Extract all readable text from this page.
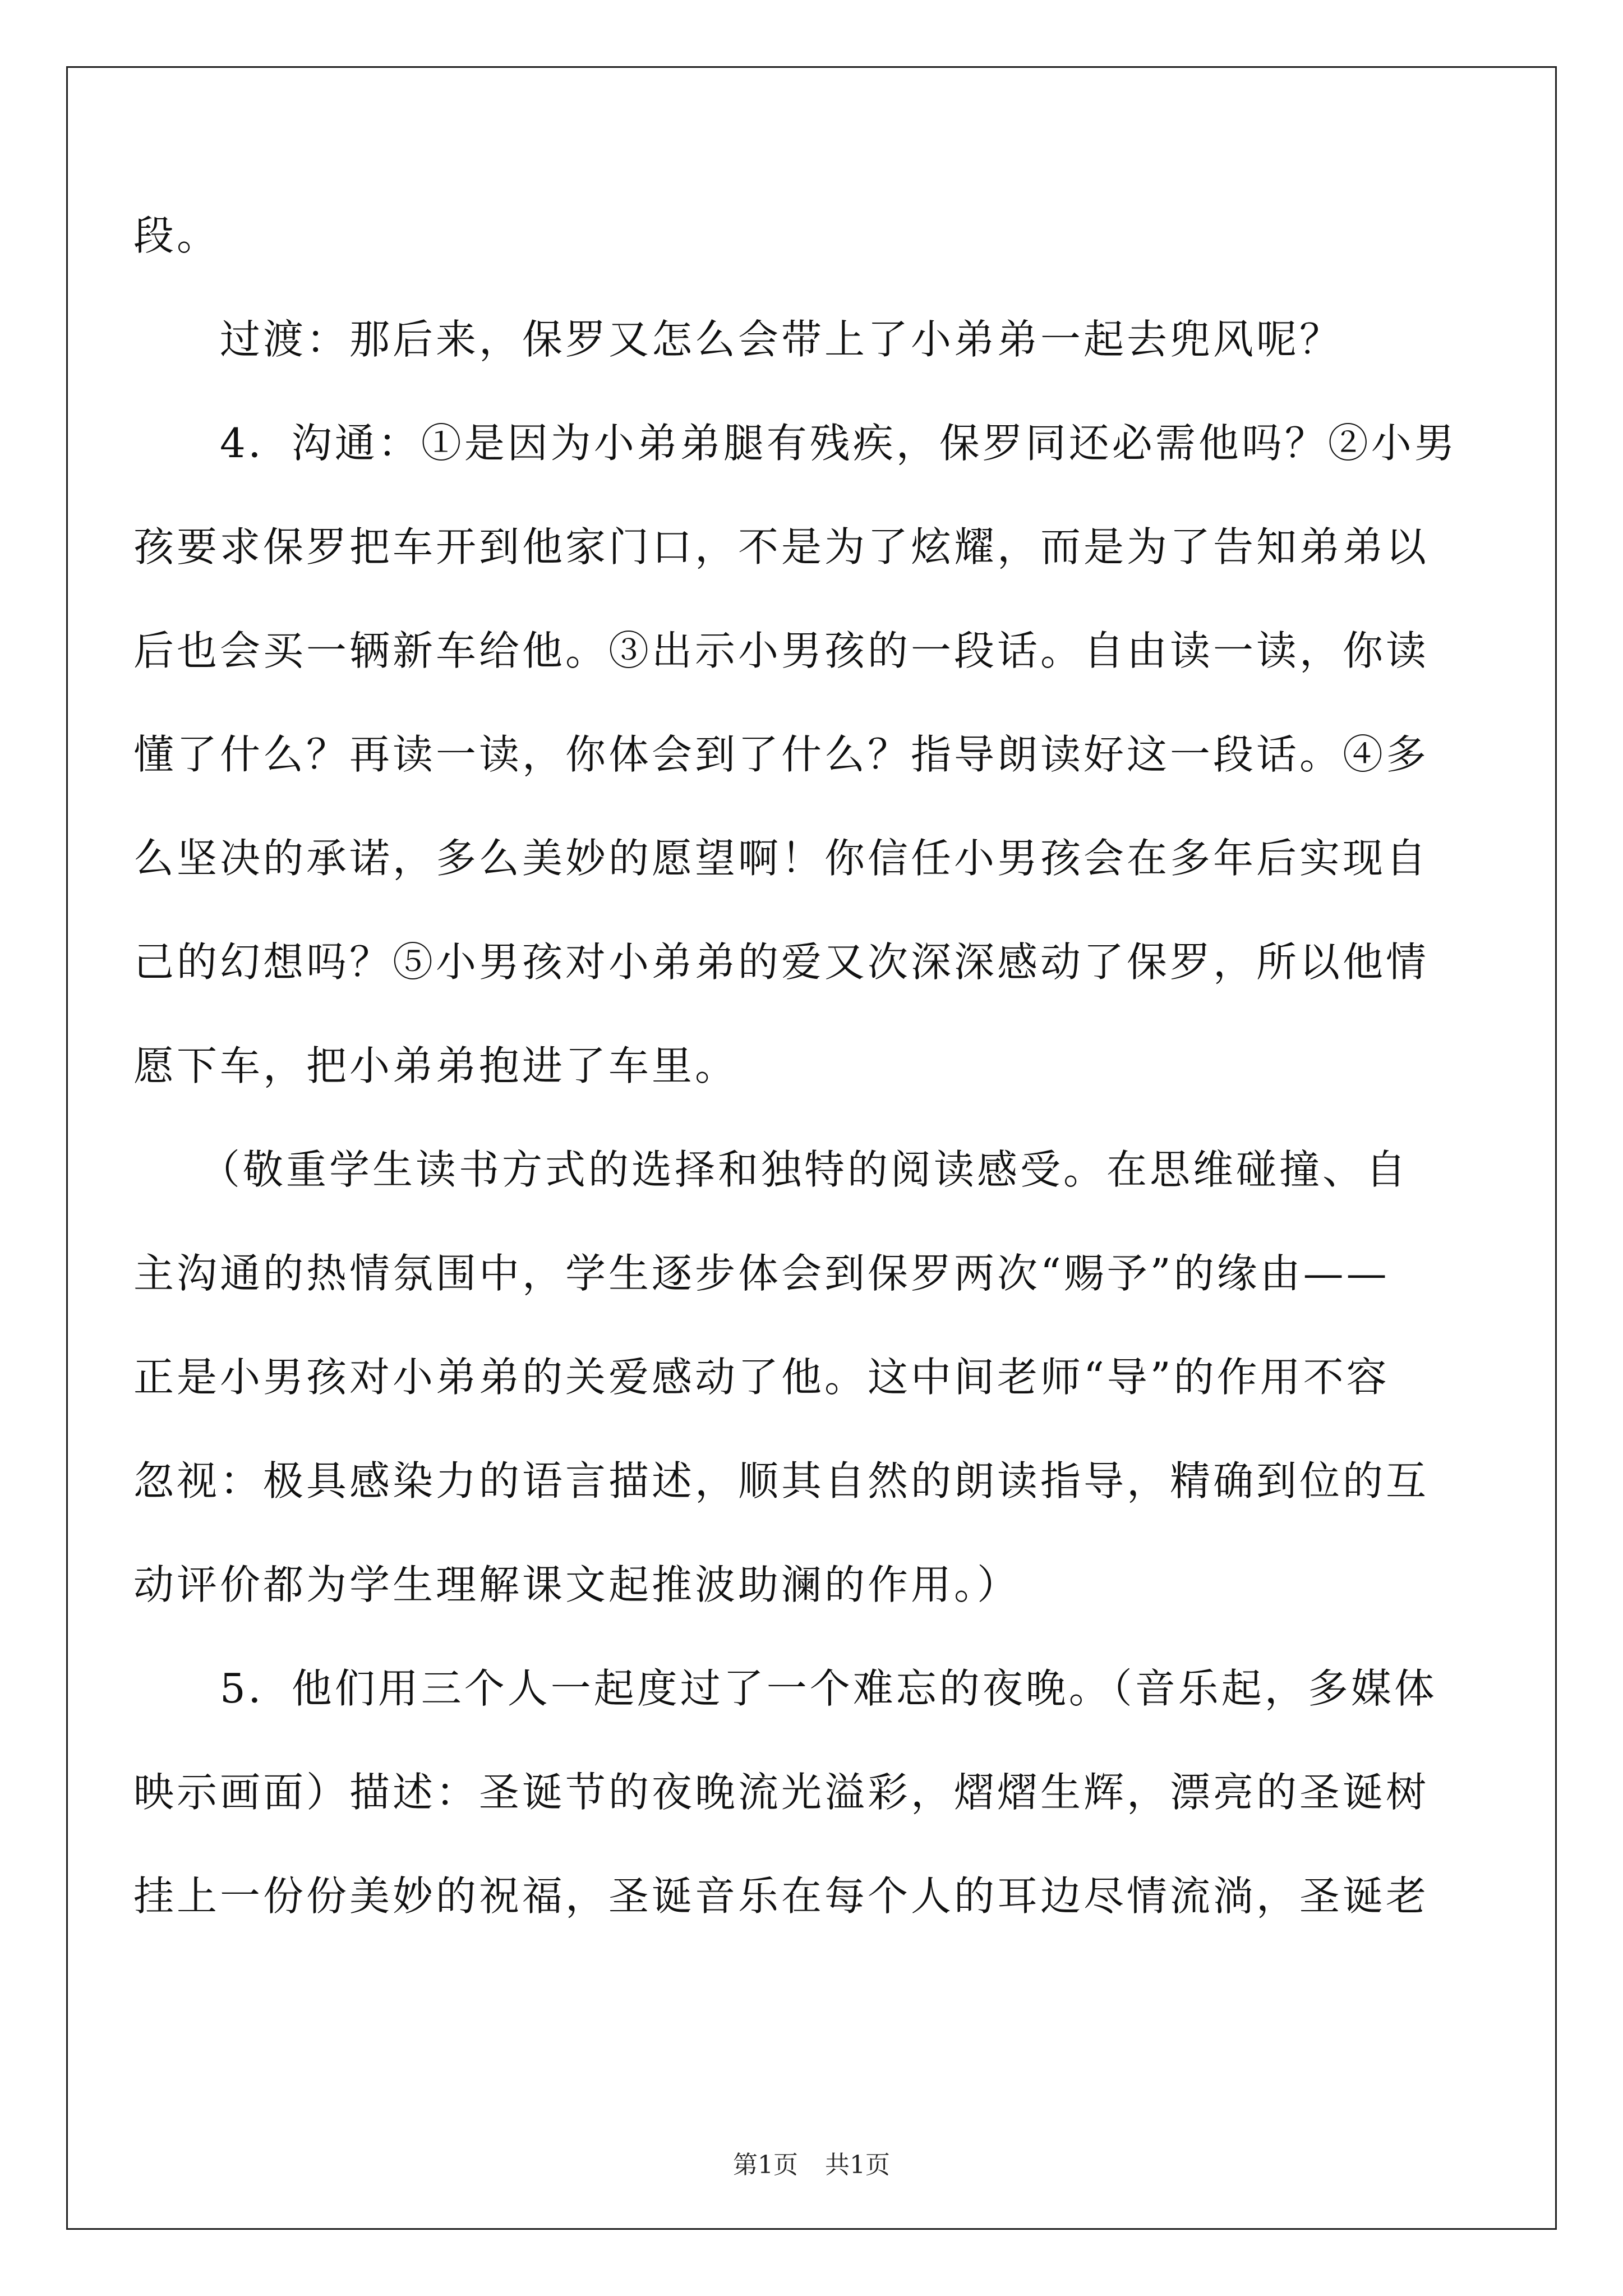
段。
　　过渡：那后来，保罗又怎么会带上了小弟弟一起去兜风呢？
　　4．沟通：①是因为小弟弟腿有残疾，保罗同还必需他吗？②小男
孩要求保罗把车开到他家门口，不是为了炫耀，而是为了告知弟弟以
后也会买一辆新车给他。③出示小男孩的一段话。自由读一读，你读
懂了什么？再读一读，你体会到了什么？指导朗读好这一段话。④多
么坚决的承诺，多么美妙的愿望啊！你信任小男孩会在多年后实现自
己的幻想吗？⑤小男孩对小弟弟的爱又次深深感动了保罗，所以他情
愿下车，把小弟弟抱进了车里。
　　（敬重学生读书方式的选择和独特的阅读感受。在思维碰撞、自
主沟通的热情氛围中，学生逐步体会到保罗两次“赐予”的缘由——
正是小男孩对小弟弟的关爱感动了他。这中间老师“导”的作用不容
忽视：极具感染力的语言描述，顺其自然的朗读指导，精确到位的互
动评价都为学生理解课文起推波助澜的作用。）
　　5．他们用三个人一起度过了一个难忘的夜晚。（音乐起，多媒体
映示画面）描述：圣诞节的夜晚流光溢彩，熠熠生辉，漂亮的圣诞树
挂上一份份美妙的祝福，圣诞音乐在每个人的耳边尽情流淌，圣诞老
第1页 共1页
